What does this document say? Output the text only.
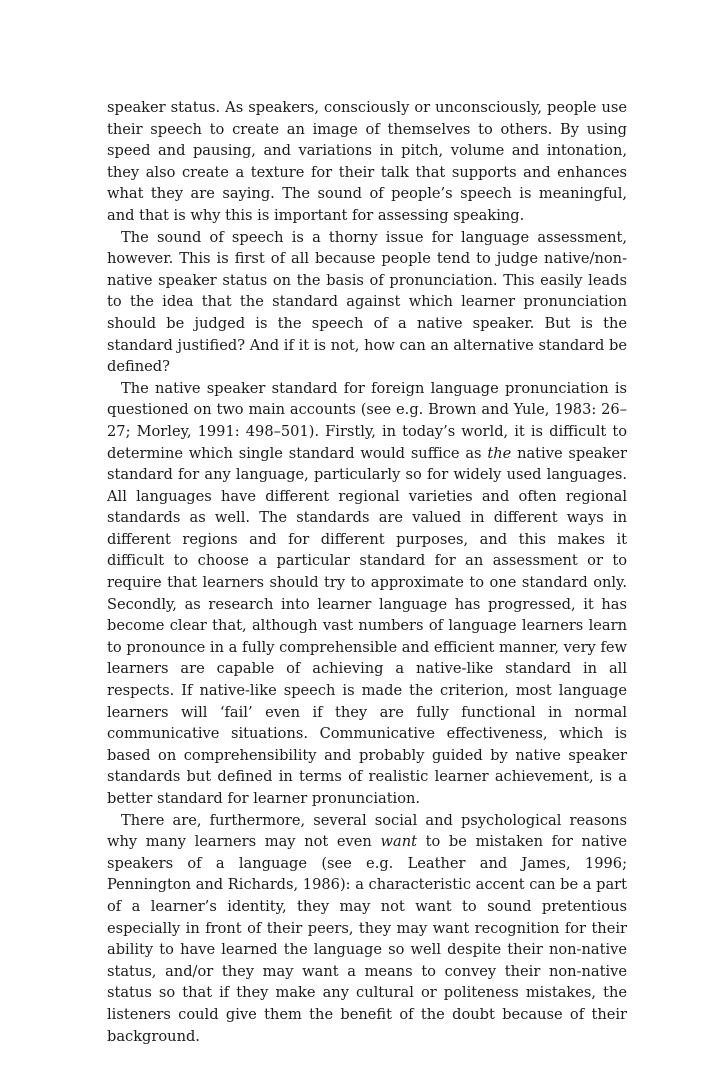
speaker status. As speakers, consciously or unconsciously, people use their speech to create an image of themselves to others. By using speed and pausing, and variations in pitch, volume and intonation, they also create a texture for their talk that supports and enhances what they are saying. The sound of people’s speech is meaningful, and that is why this is important for assessing speaking.

The sound of speech is a thorny issue for language assessment, however. This is first of all because people tend to judge native/non-native speaker status on the basis of pronunciation. This easily leads to the idea that the standard against which learner pronunciation should be judged is the speech of a native speaker. But is the standard justified? And if it is not, how can an alternative standard be defined?

The native speaker standard for foreign language pronunciation is questioned on two main accounts (see e.g. Brown and Yule, 1983: 26–27; Morley, 1991: 498–501). Firstly, in today’s world, it is difficult to determine which single standard would suffice as the native speaker standard for any language, particularly so for widely used languages. All languages have different regional varieties and often regional standards as well. The standards are valued in different ways in different regions and for different purposes, and this makes it difficult to choose a particular standard for an assessment or to require that learners should try to approximate to one standard only. Secondly, as research into learner language has progressed, it has become clear that, although vast numbers of language learners learn to pronounce in a fully comprehensible and efficient manner, very few learners are capable of achieving a native-like standard in all respects. If native-like speech is made the criterion, most language learners will ‘fail’ even if they are fully functional in normal communicative situations. Communicative effectiveness, which is based on comprehensibility and probably guided by native speaker standards but defined in terms of realistic learner achievement, is a better standard for learner pronunciation.

There are, furthermore, several social and psychological reasons why many learners may not even want to be mistaken for native speakers of a language (see e.g. Leather and James, 1996; Pennington and Richards, 1986): a characteristic accent can be a part of a learner’s identity, they may not want to sound pretentious especially in front of their peers, they may want recognition for their ability to have learned the language so well despite their non-native status, and/or they may want a means to convey their non-native status so that if they make any cultural or politeness mistakes, the listeners could give them the benefit of the doubt because of their background.
